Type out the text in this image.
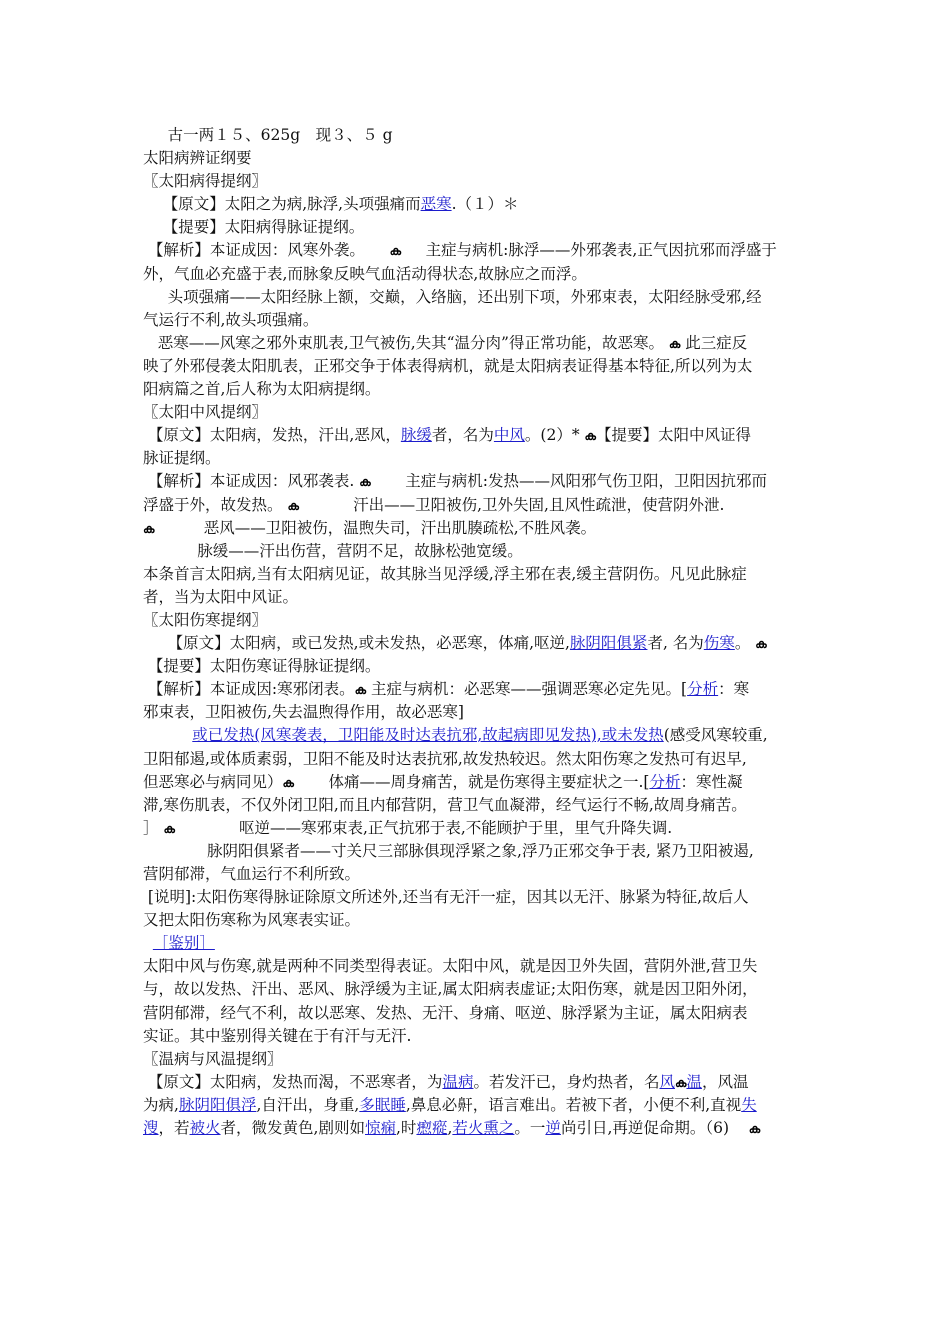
古一两１５、625g　现３、５ g
太阳病辨证纲要
〖太阳病得提纲〗
【原文】太阳之为病,脉浮,头项强痛而恶寒.（１）＊
【提要】太阳病得脉证提纲。
【解析】本证成因：风寒外袭。     ക     主症与病机:脉浮——外邪袭表,正气因抗邪而浮盛于
外，气血必充盛于表,而脉象反映气血活动得状态,故脉应之而浮。
头项强痛——太阳经脉上额，交巅，入络脑，还出别下项，外邪束表，太阳经脉受邪,经
气运行不利,故头项强痛。
恶寒——风寒之邪外束肌表,卫气被伤,失其“温分肉”得正常功能，故恶寒。 ക 此三症反
映了外邪侵袭太阳肌表，正邪交争于体表得病机，就是太阳病表证得基本特征,所以列为太
阳病篇之首,后人称为太阳病提纲。
〖太阳中风提纲〗
【原文】太阳病，发热，汗出,恶风，脉缓者，名为中风。(2）* ക【提要】太阳中风证得
脉证提纲。
【解析】本证成因：风邪袭表. ക       主症与病机:发热——风阳邪气伤卫阳，卫阳因抗邪而
浮盛于外，故发热。 ക           汗出——卫阳被伤,卫外失固,且风性疏泄，使营阴外泄.
ക          恶风——卫阳被伤，温煦失司，汗出肌腠疏松,不胜风袭。
脉缓——汗出伤营，营阴不足，故脉松弛宽缓。
本条首言太阳病,当有太阳病见证，故其脉当见浮缓,浮主邪在表,缓主营阴伤。凡见此脉症
者，当为太阳中风证。
〖太阳伤寒提纲〗
【原文】太阳病，或已发热,或未发热，必恶寒，体痛,呕逆,脉阴阳俱紧者, 名为伤寒。 ക
【提要】太阳伤寒证得脉证提纲。
【解析】本证成因:寒邪闭表。ക 主症与病机：必恶寒——强调恶寒必定先见。[分析：寒
邪束表，卫阳被伤,失去温煦得作用，故必恶寒]
或已发热(风寒袭表，卫阳能及时达表抗邪,故起病即见发热),或未发热(感受风寒较重,
卫阳郁遏,或体质素弱，卫阳不能及时达表抗邪,故发热较迟。然太阳伤寒之发热可有迟早,
但恶寒必与病同见）ക       体痛——周身痛苦，就是伤寒得主要症状之一.[分析：寒性凝
滞,寒伤肌表，不仅外闭卫阳,而且内郁营阴，营卫气血凝滞，经气运行不畅,故周身痛苦。
］ ക             呕逆——寒邪束表,正气抗邪于表,不能顾护于里，里气升降失调.
脉阴阳俱紧者——寸关尺三部脉俱现浮紧之象,浮乃正邪交争于表, 紧乃卫阳被遏,
营阴郁滞，气血运行不利所致。
[说明]:太阳伤寒得脉证除原文所述外,还当有无汗一症，因其以无汗、脉紧为特征,故后人
又把太阳伤寒称为风寒表实证。
［鉴别］
太阳中风与伤寒,就是两种不同类型得表证。太阳中风，就是因卫外失固，营阴外泄,营卫失
与，故以发热、汗出、恶风、脉浮缓为主证,属太阳病表虚证;太阳伤寒，就是因卫阳外闭，
营阴郁滞，经气不利，故以恶寒、发热、无汗、身痛、呕逆、脉浮紧为主证，属太阳病表
实证。其中鉴别得关键在于有汗与无汗.
〖温病与风温提纲〗
【原文】太阳病，发热而渴，不恶寒者，为温病。若发汗已，身灼热者，名风ക温，风温
为病,脉阴阳俱浮,自汗出，身重,多眠睡,鼻息必鼾，语言难出。若被下者，小便不利,直视失
溲，若被火者，微发黄色,剧则如惊痫,时瘛瘲,若火熏之。一逆尚引日,再逆促命期。（6)    ക
